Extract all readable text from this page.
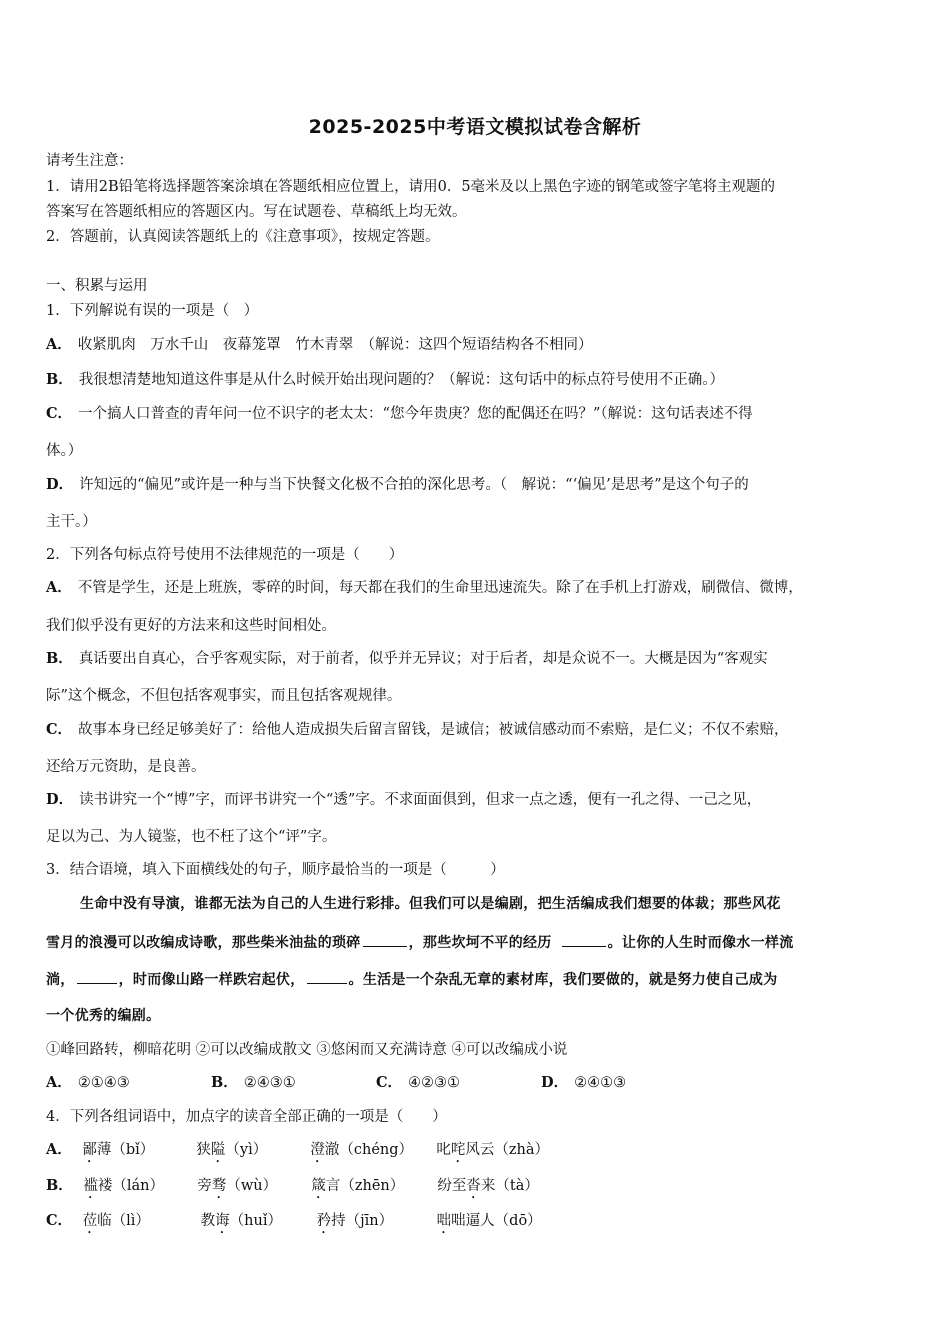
2025-2025中考语文模拟试卷含解析
请考生注意：
1．请用2B铅笔将选择题答案涂填在答题纸相应位置上，请用0．5毫米及以上黑色字迹的钢笔或签字笔将主观题的
答案写在答题纸相应的答题区内。写在试题卷、草稿纸上均无效。
2．答题前，认真阅读答题纸上的《注意事项》，按规定答题。
一、积累与运用
1．下列解说有误的一项是（　）
A． 收紧肌肉　万水千山　夜幕笼罩　竹木青翠　（解说：这四个短语结构各不相同）
B． 我很想清楚地知道这件事是从什么时候开始出现问题的？（解说：这句话中的标点符号使用不正确。）
C． 一个搞人口普查的青年问一位不识字的老太太：“您今年贵庚？您的配偶还在吗？”（解说：这句话表述不得
体。）
D． 许知远的“偏见”或许是一种与当下快餐文化极不合拍的深化思考。（　解说：“‘偏见’是思考”是这个句子的
主干。）
2．下列各句标点符号使用不法律规范的一项是（　　）
A． 不管是学生，还是上班族，零碎的时间，每天都在我们的生命里迅速流失。除了在手机上打游戏，刷微信、微博，
我们似乎没有更好的方法来和这些时间相处。
B． 真话要出自真心，合乎客观实际，对于前者，似乎并无异议；对于后者，却是众说不一。大概是因为“客观实
际”这个概念，不但包括客观事实，而且包括客观规律。
C． 故事本身已经足够美好了：给他人造成损失后留言留钱，是诚信；被诚信感动而不索赔，是仁义；不仅不索赔，
还给万元资助，是良善。
D． 读书讲究一个“博”字，而评书讲究一个“透”字。不求面面俱到，但求一点之透，便有一孔之得、一己之见，
足以为己、为人镜鉴，也不枉了这个“评”字。
3．结合语境，填入下面横线处的句子，顺序最恰当的一项是（　　　）
生命中没有导演，谁都无法为自己的人生进行彩排。但我们可以是编剧，把生活编成我们想要的体裁；那些风花
雪月的浪漫可以改编成诗歌，那些柴米油盐的琐碎	，那些坎坷不平的经历	。让你的人生时而像水一样流
淌，	，时而像山路一样跌宕起伏，	。生活是一个杂乱无章的素材库，我们要做的，就是努力使自己成为
一个优秀的编剧。
①峰回路转，柳暗花明 ②可以改编成散文 ③悠闲而又充满诗意 ④可以改编成小说
A． ②①④③	B． ②④③①	C． ④②③①	D． ②④①③
4．下列各组词语中，加点字的读音全部正确的一项是（　　）
A． 鄙薄（bǐ）	狭隘（yì）	澄澈（chéng） 叱咤风云（zhà）
B． 褴褛（lán） 旁骛（wù） 箴言（zhēn） 纷至沓来（tà）
C． 莅临（lì）	教诲（huǐ） 矜持（jīn）	咄咄逼人（dō）
